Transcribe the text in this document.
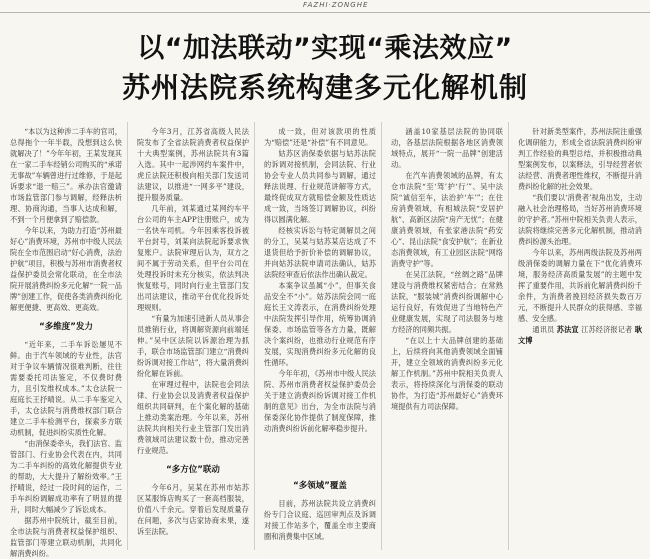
FAZHI·ZONGHE
以“加法联动”实现“乘法效应”
苏州法院系统构建多元化解机制

“本以为这种涉二手车的官司，总得拖个一年半载，没想到这么快就解决了！”今年年初，王某发现其在一家二手车经销公司购买的“承诺无事故”车辆曾进行过维修，于是起诉要求“退一赔三”。承办法官邀请市场监管部门参与调解，经释法析理、协商沟通，当事人达成和解，不到一个月便拿到了赔偿款。

今年以来，为助力打造“苏州最好心”消费环境，苏州市中级人民法院在全市范围启动“好心消费，法治护航”项目，积极与苏州市消费者权益保护委员会常化联动，在全市法院开展消费纠纷多元化解“一院一品牌”创建工作，促使各类消费纠纷化解更便捷、更高效、更高效。

“多维度”发力

“近年来，二手车诉讼屡见不鲜。由于汽车领域的专业性，法官对于争议车辆情况很难判断，往往需要委托司法鉴定，不仅费时费力，且引发维权成本。”太仓法院一庭庭长王抒晴说。从二手车鉴定入手，太仓法院与消费维权部门联合建立二手车检测平台，探索多方联动机制，促进纠纷实质性化解。

“由消保委牵头，我们法官、监管部门、行业协会代表在内，共同为二手车纠纷的高效化解提供专业的帮助，大大提升了解纷效率。”王抒晴说，经过一段时间的运作，二手车纠纷调解成功率有了明显的提升，同时大幅减少了诉讼成本。

据苏州中院统计，截至目前，全市法院与消费者权益保护组织、监管部门等建立联动机制，共同化解消费纠纷。

今年3月，江苏省高级人民法院发布了全省法院消费者权益保护十大典型案例，苏州法院共有3篇入选。其中一起涉网约车案件中，虎丘法院还积极向相关部门发送司法建议，以推进“一网多平”建设，提升服务质量。

几年前，刘某通过某网约车平台公司的车主APP注册账户，成为一名快车司机。今年因乘客投诉被平台封号，刘某向法院起诉要求恢复账户。法院审理后认为，双方之间不属于劳动关系，但平台公司在处理投诉时未充分核实，依法判决恢复账号，同时向行业主管部门发出司法建议，推动平台优化投诉处理规则。

“有量为加速引进新人员从事会员推销行业，将调解资源向前端延伸。”吴中区法院以诉源治理为抓手，联合市场监管部门建立“消费纠纷诉调对接工作站”，将大量消费纠纷化解在诉前。

在审理过程中，法院也会同法律、行业协会以及消费者权益保护组织共同研判，在个案化解的基础上推动类案治理。今年以来，苏州法院共向相关行业主管部门发出消费领域司法建议数十份，推动完善行业规范。

“多方位”联动

今年6月，吴某在苏州市姑苏区某服饰店购买了一套高档服装，价值八千余元。穿着后发现质量存在问题，多次与店家协商未果，遂诉至法院。

成一致，但对该款项的性质为“赔偿”还是“补偿”有不同意见。

姑苏区消保委依据与姑苏法院的诉调对接机制，会同法院、行业协会专业人员共同参与调解，通过释法说理、行业规范讲解等方式，最终促成双方就赔偿金额及性质达成一致，当场签订调解协议，纠纷得以圆满化解。

经核实诉讼与特定调解员之间的分工，吴某与姑苏某店达成了不退货但给予折价补偿的调解协议，并向姑苏法院申请司法确认，姑苏法院经审查后依法作出确认裁定。

本案争议虽属“小”，但事关食品安全不“小”。姑苏法院会同一庭庭长王文涛表示，在消费纠纷处理中法院发挥引导作用，统筹协调消保委、市场监管等各方力量，既解决个案纠纷，也推动行业规范有序发展，实现消费纠纷多元化解的良性循环。

今年年初，《苏州市中级人民法院、苏州市消费者权益保护委员会关于建立消费纠纷诉调对接工作机制的意见》出台，为全市法院与消保委深化协作提供了制度保障，推动消费纠纷诉前化解率稳步提升。

“多领域”覆盖

目前，苏州法院共设立消费纠纷专门合议庭、巡回审判点及诉调对接工作站多个，覆盖全市主要商圈和消费集中区域。

涵盖10家基层法院的协同联动，各基层法院根据各地区消费领域特点，展开“一院一品牌”创建活动。

在汽车消费领域的品牌，有太仓市法院“至‘驾’护‘行’”、吴中法院“诚信至车，法治护‘车’”；在住房消费领域，有相城法院“安居护航”、高新区法院“房产无忧”；在健康消费领域，有张家港法院“药安心”、昆山法院“食安护航”；在新业态消费领域，有工业园区法院“网络消费守护”等。

在吴江法院，“丝绸之路”品牌建设与消费维权紧密结合；在常熟法院，“服装城”消费纠纷调解中心运行良好，有效促进了当地特色产业健康发展，实现了司法服务与地方经济的同频共振。

“在以上十大品牌创建的基础上，后续将向其他消费领域全面铺开，建立全领域的消费纠纷多元化解工作机制。”苏州中院相关负责人表示，将持续深化与消保委的联动协作，为打造“苏州最好心”消费环境提供有力司法保障。

针对新类型案件，苏州法院注重强化调研能力，形成全省法院消费纠纷审判工作经验的典型总结，并积极推动典型案例发布，以案释法，引导经营者依法经营、消费者理性维权，不断提升消费纠纷化解的社会效果。

“我们要以‘消费者’视角出发，主动融入社会治理格局，当好苏州消费环境的守护者。”苏州中院相关负责人表示，法院将继续完善多元化解机制，推动消费纠纷源头治理。

今年以来，苏州两级法院及苏州两级消保委的调解力量在下“优化消费环境，服务经济高质量发展”的主题中发挥了重要作用，共诉前化解消费纠纷千余件，为消费者挽回经济损失数百万元，不断提升人民群众的获得感、幸福感、安全感。

通讯员 苏法宣 江苏经济报记者 耿文博
